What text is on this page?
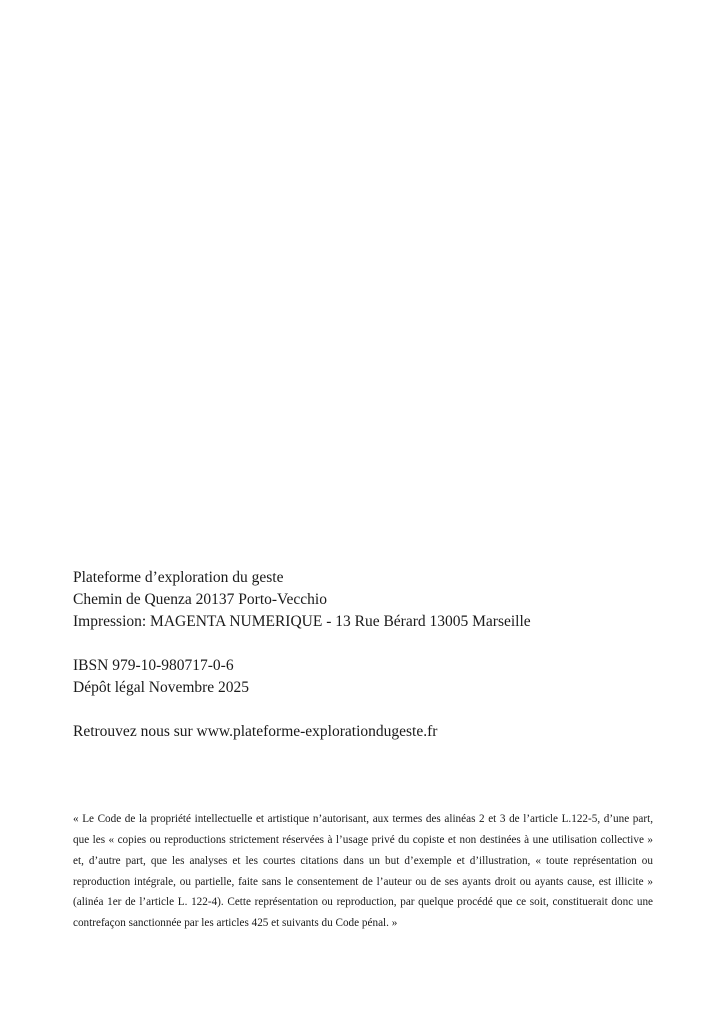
Plateforme d’exploration du geste
Chemin de Quenza 20137 Porto-Vecchio
Impression: MAGENTA NUMERIQUE - 13 Rue Bérard 13005 Marseille
IBSN 979-10-980717-0-6
Dépôt légal Novembre 2025
Retrouvez nous sur www.plateforme-explorationdugeste.fr

« Le Code de la propriété intellectuelle et artistique n’autorisant, aux termes des alinéas 2 et 3 de l’article L.122-5, d’une part, que les « copies ou reproductions strictement réservées à l’usage privé du copiste et non destinées à une utilisation collective » et, d’autre part, que les analyses et les courtes citations dans un but d’exemple et d’illustration, « toute représentation ou reproduction intégrale, ou partielle, faite sans le consentement de l’auteur ou de ses ayants droit ou ayants cause, est illicite » (alinéa 1er de l’article L. 122-4). Cette représentation ou reproduction, par quelque procédé que ce soit, constituerait donc une contrefaçon sanctionnée par les articles 425 et suivants du Code pénal. »
